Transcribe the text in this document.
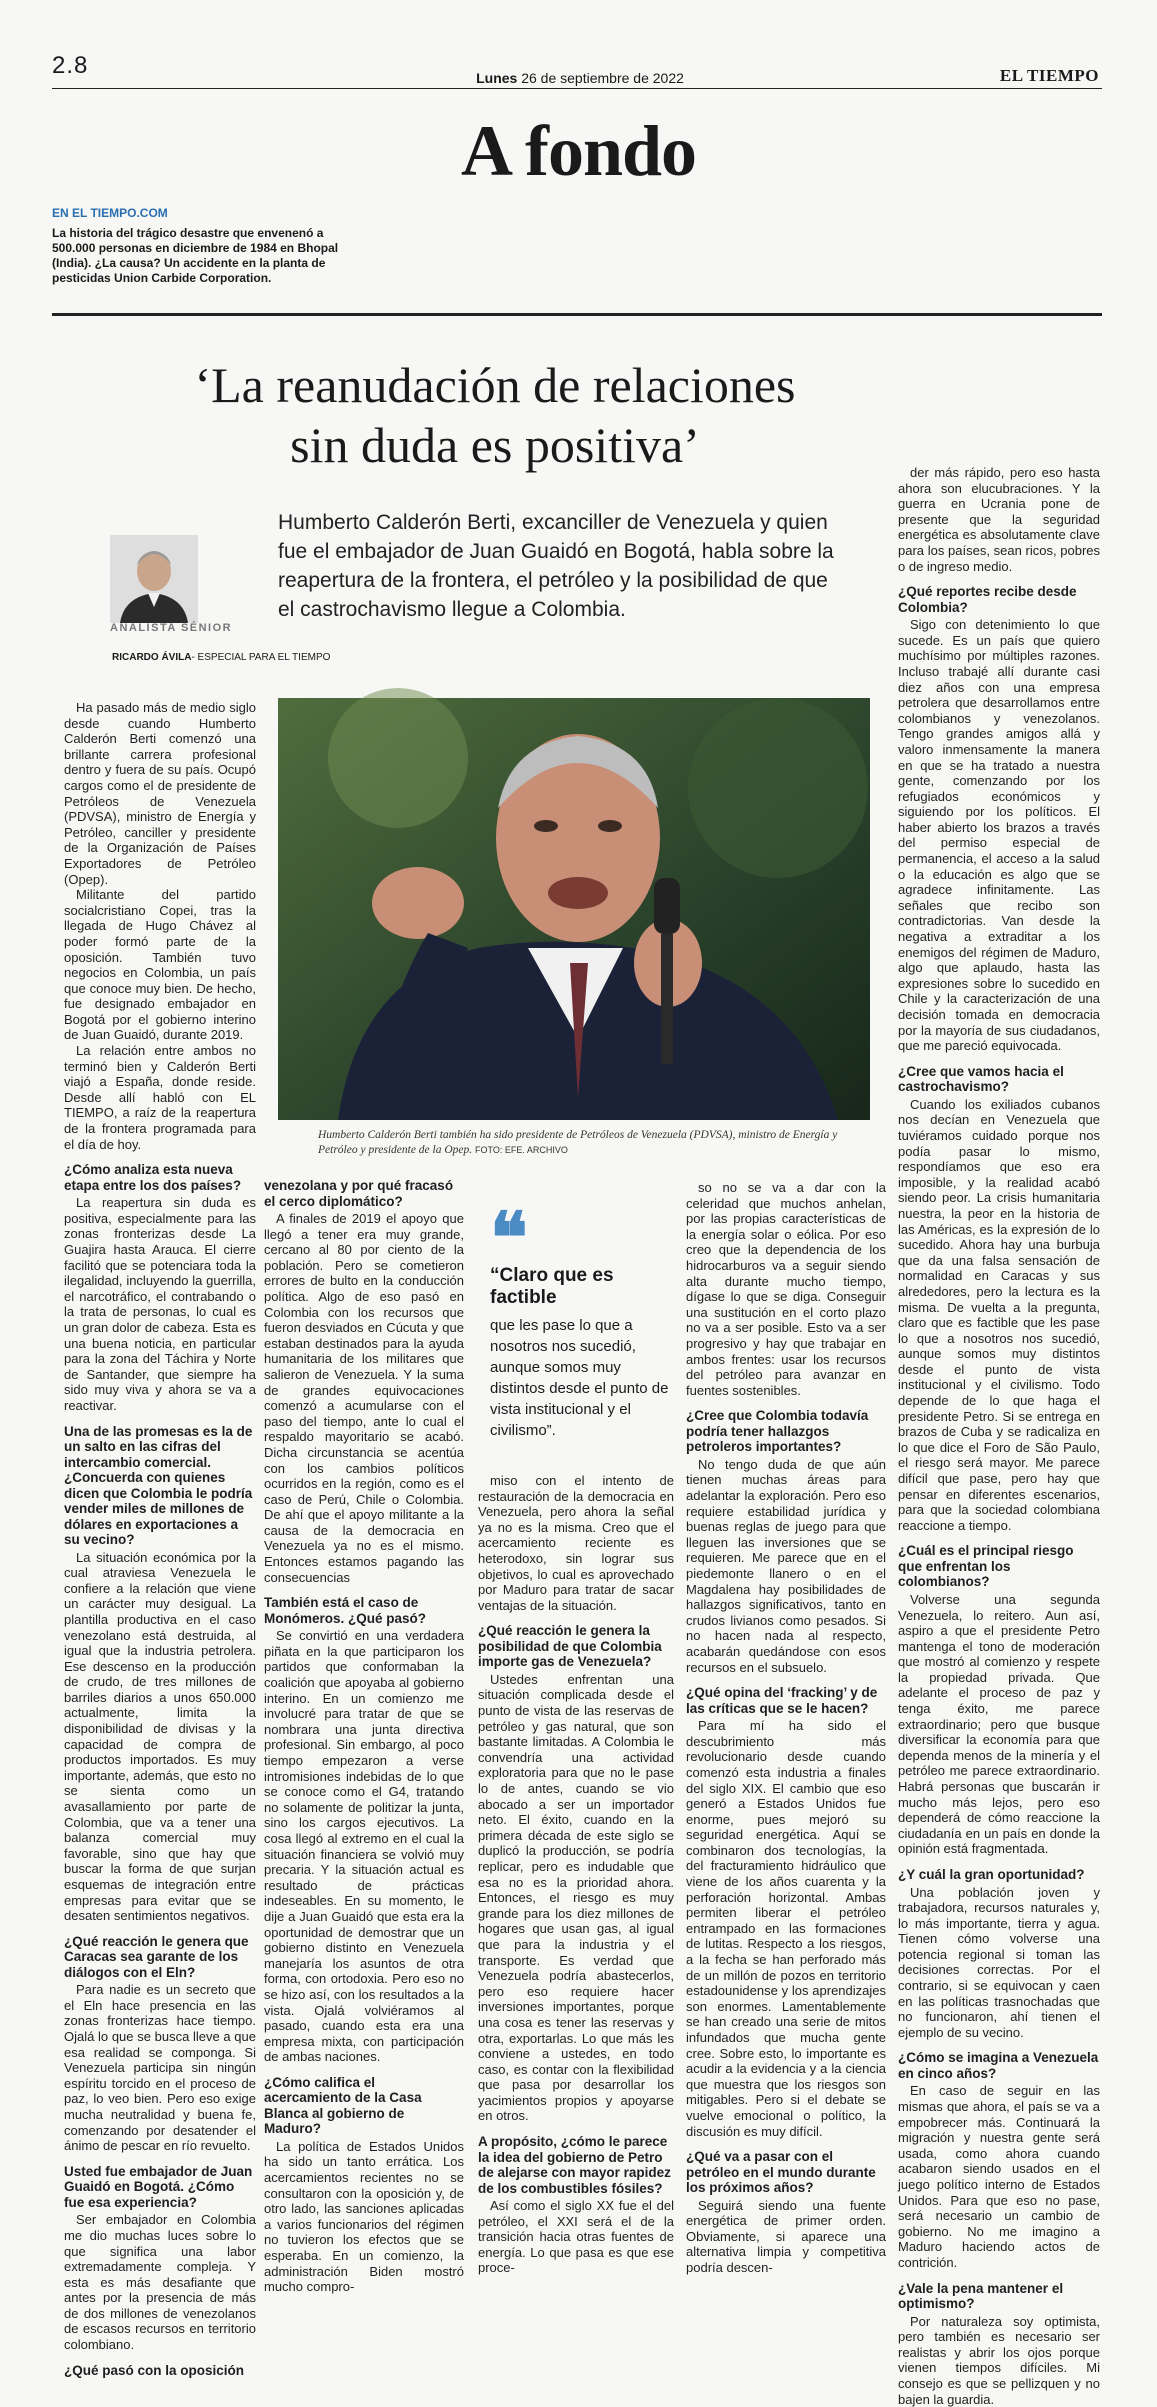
2.8	Lunes 26 de septiembre de 2022	EL TIEMPO
A fondo
EN EL TIEMPO.COM
La historia del trágico desastre que envenenó a 500.000 personas en diciembre de 1984 en Bhopal (India). ¿La causa? Un accidente en la planta de pesticidas Union Carbide Corporation.
‘La reanudación de relaciones
sin duda es positiva’
ANALISTA SÉNIOR
RICARDO ÁVILA- ESPECIAL PARA EL TIEMPO
Humberto Calderón Berti, excanciller de Venezuela y quien fue el embajador de Juan Guaidó en Bogotá, habla sobre la reapertura de la frontera, el petróleo y la posibilidad de que el castrochavismo llegue a Colombia.
Humberto Calderón Berti también ha sido presidente de Petróleos de Venezuela (PDVSA), ministro de Energía y Petróleo y presidente de la Opep. FOTO: EFE. ARCHIVO
❝
“Claro que es factible
que les pase lo que a nosotros nos sucedió, aunque somos muy distintos desde el punto de vista institucional y el civilismo”.

Ha pasado más de medio siglo desde cuando Humberto Calderón Berti comenzó una brillante carrera profesional dentro y fuera de su país. Ocupó cargos como el de presidente de Petróleos de Venezuela (PDVSA), ministro de Energía y Petróleo, canciller y presidente de la Organización de Países Exportadores de Petróleo (Opep).

Militante del partido socialcristiano Copei, tras la llegada de Hugo Chávez al poder formó parte de la oposición. También tuvo negocios en Colombia, un país que conoce muy bien. De hecho, fue designado embajador en Bogotá por el gobierno interino de Juan Guaidó, durante 2019.

La relación entre ambos no terminó bien y Calderón Berti viajó a España, donde reside. Desde allí habló con EL TIEMPO, a raíz de la reapertura de la frontera programada para el día de hoy.

¿Cómo analiza esta nueva etapa entre los dos países?

La reapertura sin duda es positiva, especialmente para las zonas fronterizas desde La Guajira hasta Arauca. El cierre facilitó que se potenciara toda la ilegalidad, incluyendo la guerrilla, el narcotráfico, el contrabando o la trata de personas, lo cual es un gran dolor de cabeza. Esta es una buena noticia, en particular para la zona del Táchira y Norte de Santander, que siempre ha sido muy viva y ahora se va a reactivar.

Una de las promesas es la de un salto en las cifras del intercambio comercial. ¿Concuerda con quienes dicen que Colombia le podría vender miles de millones de dólares en exportaciones a su vecino?

La situación económica por la cual atraviesa Venezuela le confiere a la relación que viene un carácter muy desigual. La plantilla productiva en el caso venezolano está destruida, al igual que la industria petrolera. Ese descenso en la producción de crudo, de tres millones de barriles diarios a unos 650.000 actualmente, limita la disponibilidad de divisas y la capacidad de compra de productos importados. Es muy importante, además, que esto no se sienta como un avasallamiento por parte de Colombia, que va a tener una balanza comercial muy favorable, sino que hay que buscar la forma de que surjan esquemas de integración entre empresas para evitar que se desaten sentimientos negativos.

¿Qué reacción le genera que Caracas sea garante de los diálogos con el Eln?

Para nadie es un secreto que el Eln hace presencia en las zonas fronterizas hace tiempo. Ojalá lo que se busca lleve a que esa realidad se componga. Si Venezuela participa sin ningún espíritu torcido en el proceso de paz, lo veo bien. Pero eso exige mucha neutralidad y buena fe, comenzando por desatender el ánimo de pescar en río revuelto.

Usted fue embajador de Juan Guaidó en Bogotá. ¿Cómo fue esa experiencia?

Ser embajador en Colombia me dio muchas luces sobre lo que significa una labor extremadamente compleja. Y esta es más desafiante que antes por la presencia de más de dos millones de venezolanos de escasos recursos en territorio colombiano.

¿Qué pasó con la oposición
venezolana y por qué fracasó el cerco diplomático?

A finales de 2019 el apoyo que llegó a tener era muy grande, cercano al 80 por ciento de la población. Pero se cometieron errores de bulto en la conducción política. Algo de eso pasó en Colombia con los recursos que fueron desviados en Cúcuta y que estaban destinados para la ayuda humanitaria de los militares que salieron de Venezuela. Y la suma de grandes equivocaciones comenzó a acumularse con el paso del tiempo, ante lo cual el respaldo mayoritario se acabó. Dicha circunstancia se acentúa con los cambios políticos ocurridos en la región, como es el caso de Perú, Chile o Colombia. De ahí que el apoyo militante a la causa de la democracia en Venezuela ya no es el mismo. Entonces estamos pagando las consecuencias

También está el caso de Monómeros. ¿Qué pasó?

Se convirtió en una verdadera piñata en la que participaron los partidos que conformaban la coalición que apoyaba al gobierno interino. En un comienzo me involucré para tratar de que se nombrara una junta directiva profesional. Sin embargo, al poco tiempo empezaron a verse intromisiones indebidas de lo que se conoce como el G4, tratando no solamente de politizar la junta, sino los cargos ejecutivos. La cosa llegó al extremo en el cual la situación financiera se volvió muy precaria. Y la situación actual es resultado de prácticas indeseables. En su momento, le dije a Juan Guaidó que esta era la oportunidad de demostrar que un gobierno distinto en Venezuela manejaría los asuntos de otra forma, con ortodoxia. Pero eso no se hizo así, con los resultados a la vista. Ojalá volviéramos al pasado, cuando esta era una empresa mixta, con participación de ambas naciones.

¿Cómo califica el acercamiento de la Casa Blanca al gobierno de Maduro?

La política de Estados Unidos ha sido un tanto errática. Los acercamientos recientes no se consultaron con la oposición y, de otro lado, las sanciones aplicadas a varios funcionarios del régimen no tuvieron los efectos que se esperaba. En un comienzo, la administración Biden mostró mucho compro-

miso con el intento de restauración de la democracia en Venezuela, pero ahora la señal ya no es la misma. Creo que el acercamiento reciente es heterodoxo, sin lograr sus objetivos, lo cual es aprovechado por Maduro para tratar de sacar ventajas de la situación.

¿Qué reacción le genera la posibilidad de que Colombia importe gas de Venezuela?

Ustedes enfrentan una situación complicada desde el punto de vista de las reservas de petróleo y gas natural, que son bastante limitadas. A Colombia le convendría una actividad exploratoria para que no le pase lo de antes, cuando se vio abocado a ser un importador neto. El éxito, cuando en la primera década de este siglo se duplicó la producción, se podría replicar, pero es indudable que esa no es la prioridad ahora. Entonces, el riesgo es muy grande para los diez millones de hogares que usan gas, al igual que para la industria y el transporte. Es verdad que Venezuela podría abastecerlos, pero eso requiere hacer inversiones importantes, porque una cosa es tener las reservas y otra, exportarlas. Lo que más les conviene a ustedes, en todo caso, es contar con la flexibilidad que pasa por desarrollar los yacimientos propios y apoyarse en otros.

A propósito, ¿cómo le parece la idea del gobierno de Petro de alejarse con mayor rapidez de los combustibles fósiles?

Así como el siglo XX fue el del petróleo, el XXI será el de la transición hacia otras fuentes de energía. Lo que pasa es que ese proce-

so no se va a dar con la celeridad que muchos anhelan, por las propias características de la energía solar o eólica. Por eso creo que la dependencia de los hidrocarburos va a seguir siendo alta durante mucho tiempo, dígase lo que se diga. Conseguir una sustitución en el corto plazo no va a ser posible. Esto va a ser progresivo y hay que trabajar en ambos frentes: usar los recursos del petróleo para avanzar en fuentes sostenibles.

¿Cree que Colombia todavía podría tener hallazgos petroleros importantes?

No tengo duda de que aún tienen muchas áreas para adelantar la exploración. Pero eso requiere estabilidad jurídica y buenas reglas de juego para que lleguen las inversiones que se requieren. Me parece que en el piedemonte llanero o en el Magdalena hay posibilidades de hallazgos significativos, tanto en crudos livianos como pesados. Si no hacen nada al respecto, acabarán quedándose con esos recursos en el subsuelo.

¿Qué opina del ‘fracking’ y de las críticas que se le hacen?

Para mí ha sido el descubrimiento más revolucionario desde cuando comenzó esta industria a finales del siglo XIX. El cambio que eso generó a Estados Unidos fue enorme, pues mejoró su seguridad energética. Aquí se combinaron dos tecnologías, la del fracturamiento hidráulico que viene de los años cuarenta y la perforación horizontal. Ambas permiten liberar el petróleo entrampado en las formaciones de lutitas. Respecto a los riesgos, a la fecha se han perforado más de un millón de pozos en territorio estadounidense y los aprendizajes son enormes. Lamentablemente se han creado una serie de mitos infundados que mucha gente cree. Sobre esto, lo importante es acudir a la evidencia y a la ciencia que muestra que los riesgos son mitigables. Pero si el debate se vuelve emocional o político, la discusión es muy difícil.

¿Qué va a pasar con el petróleo en el mundo durante los próximos años?

Seguirá siendo una fuente energética de primer orden. Obviamente, si aparece una alternativa limpia y competitiva podría descen-

der más rápido, pero eso hasta ahora son elucubraciones. Y la guerra en Ucrania pone de presente que la seguridad energética es absolutamente clave para los países, sean ricos, pobres o de ingreso medio.

¿Qué reportes recibe desde Colombia?

Sigo con detenimiento lo que sucede. Es un país que quiero muchísimo por múltiples razones. Incluso trabajé allí durante casi diez años con una empresa petrolera que desarrollamos entre colombianos y venezolanos. Tengo grandes amigos allá y valoro inmensamente la manera en que se ha tratado a nuestra gente, comenzando por los refugiados económicos y siguiendo por los políticos. El haber abierto los brazos a través del permiso especial de permanencia, el acceso a la salud o la educación es algo que se agradece infinitamente. Las señales que recibo son contradictorias. Van desde la negativa a extraditar a los enemigos del régimen de Maduro, algo que aplaudo, hasta las expresiones sobre lo sucedido en Chile y la caracterización de una decisión tomada en democracia por la mayoría de sus ciudadanos, que me pareció equivocada.

¿Cree que vamos hacia el castrochavismo?

Cuando los exiliados cubanos nos decían en Venezuela que tuviéramos cuidado porque nos podía pasar lo mismo, respondíamos que eso era imposible, y la realidad acabó siendo peor. La crisis humanitaria nuestra, la peor en la historia de las Américas, es la expresión de lo sucedido. Ahora hay una burbuja que da una falsa sensación de normalidad en Caracas y sus alrededores, pero la lectura es la misma. De vuelta a la pregunta, claro que es factible que les pase lo que a nosotros nos sucedió, aunque somos muy distintos desde el punto de vista institucional y el civilismo. Todo depende de lo que haga el presidente Petro. Si se entrega en brazos de Cuba y se radicaliza en lo que dice el Foro de São Paulo, el riesgo será mayor. Me parece difícil que pase, pero hay que pensar en diferentes escenarios, para que la sociedad colombiana reaccione a tiempo.

¿Cuál es el principal riesgo que enfrentan los colombianos?

Volverse una segunda Venezuela, lo reitero. Aun así, aspiro a que el presidente Petro mantenga el tono de moderación que mostró al comienzo y respete la propiedad privada. Que adelante el proceso de paz y tenga éxito, me parece extraordinario; pero que busque diversificar la economía para que dependa menos de la minería y el petróleo me parece extraordinario. Habrá personas que buscarán ir mucho más lejos, pero eso dependerá de cómo reaccione la ciudadanía en un país en donde la opinión está fragmentada.

¿Y cuál la gran oportunidad?

Una población joven y trabajadora, recursos naturales y, lo más importante, tierra y agua. Tienen cómo volverse una potencia regional si toman las decisiones correctas. Por el contrario, si se equivocan y caen en las políticas trasnochadas que no funcionaron, ahí tienen el ejemplo de su vecino.

¿Cómo se imagina a Venezuela en cinco años?

En caso de seguir en las mismas que ahora, el país se va a empobrecer más. Continuará la migración y nuestra gente será usada, como ahora cuando acabaron siendo usados en el juego político interno de Estados Unidos. Para que eso no pase, será necesario un cambio de gobierno. No me imagino a Maduro haciendo actos de contrición.

¿Vale la pena mantener el optimismo?

Por naturaleza soy optimista, pero también es necesario ser realistas y abrir los ojos porque vienen tiempos difíciles. Mi consejo es que se pellizquen y no bajen la guardia.
